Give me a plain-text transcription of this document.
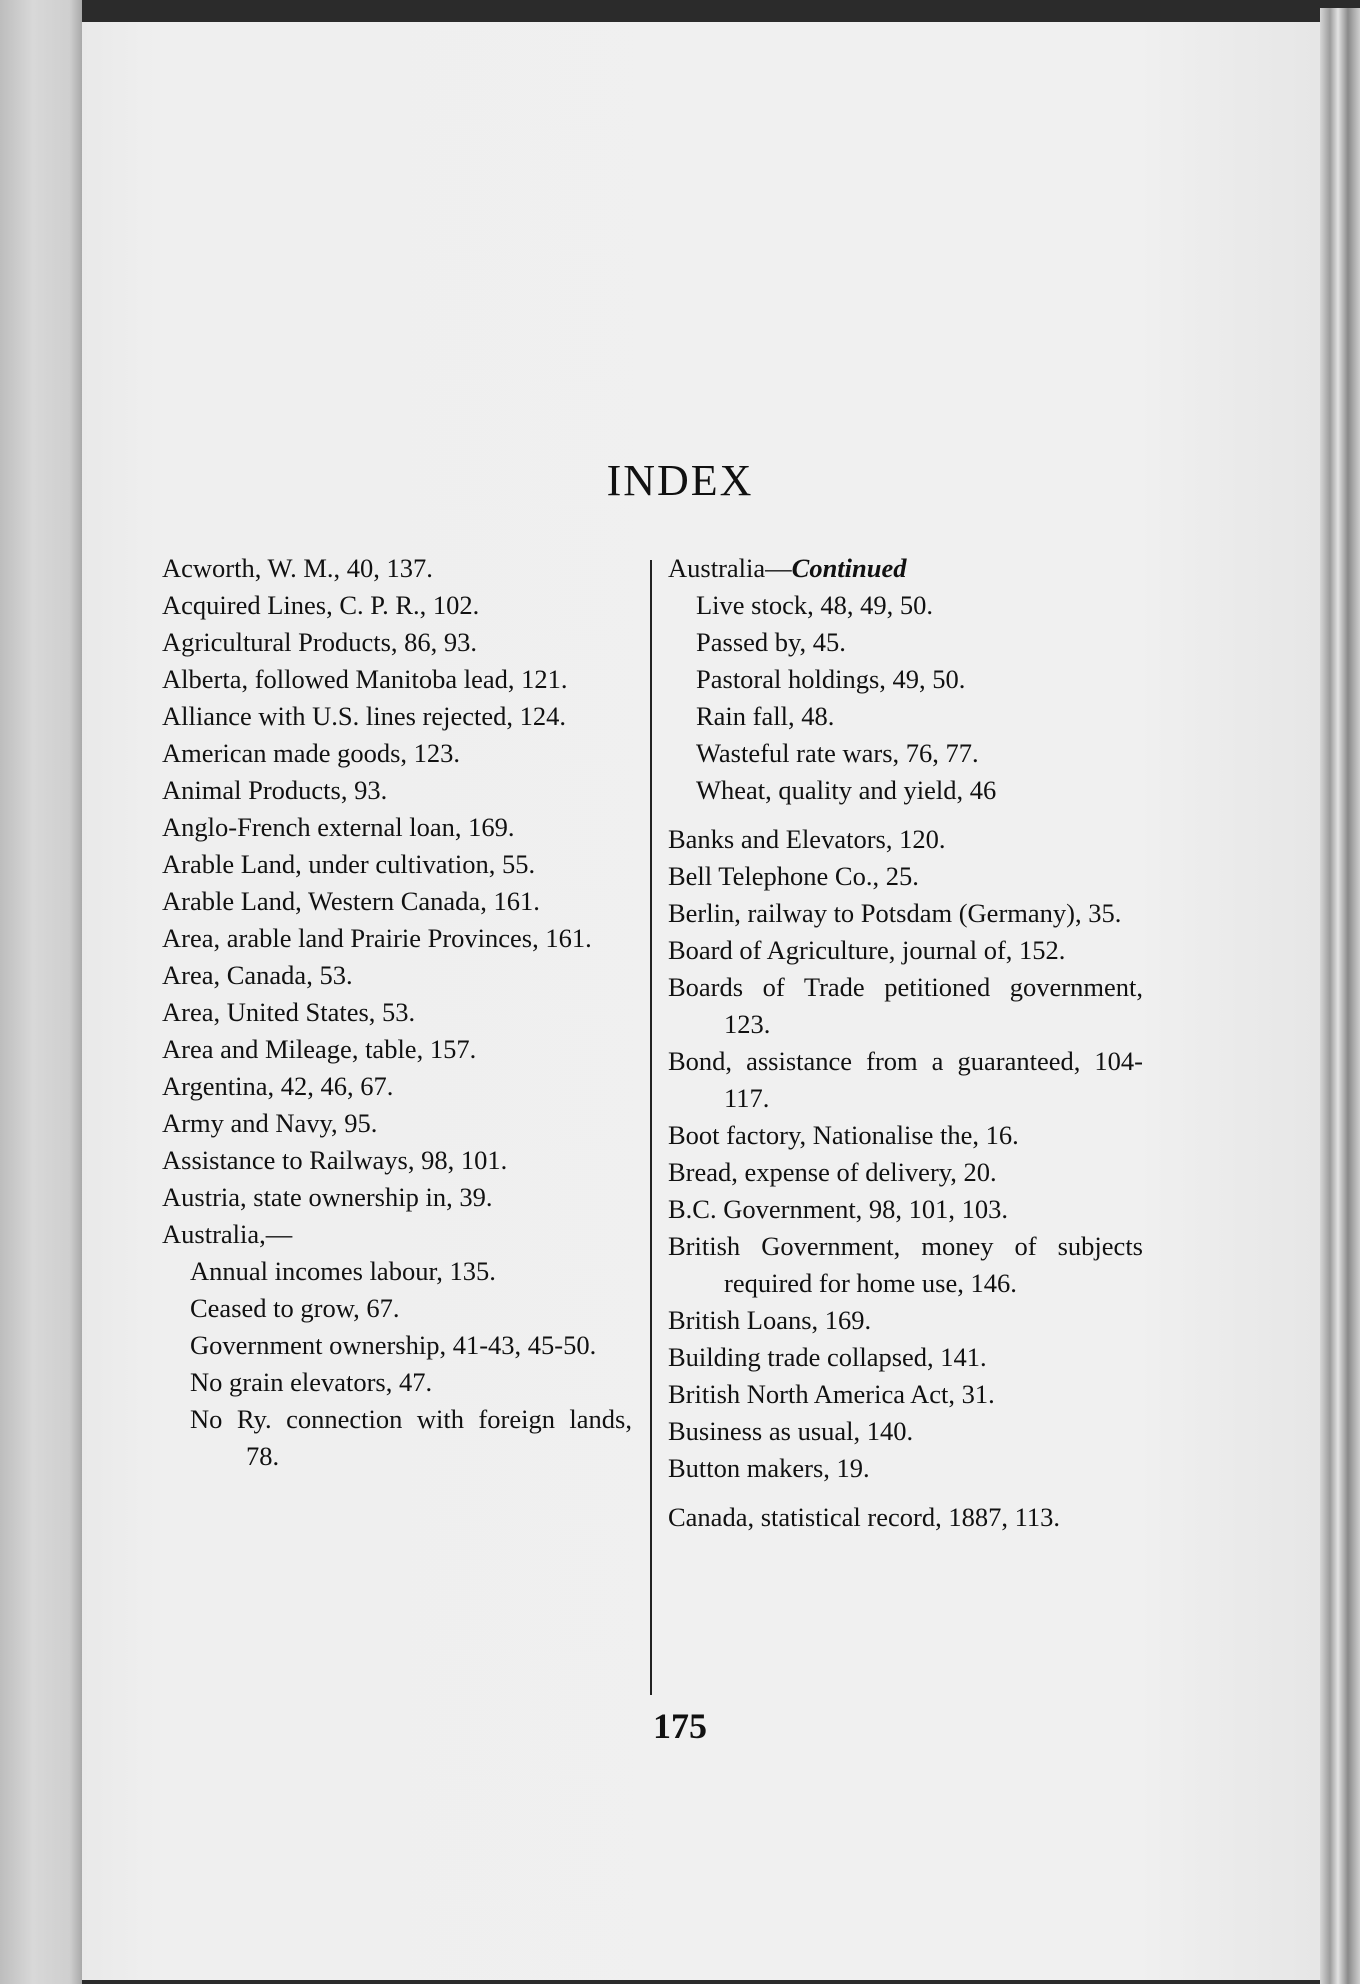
INDEX
Acworth, W. M., 40, 137.
Acquired Lines, C. P. R., 102.
Agricultural Products, 86, 93.
Alberta, followed Manitoba lead, 121.
Alliance with U.S. lines rejected, 124.
American made goods, 123.
Animal Products, 93.
Anglo-French external loan, 169.
Arable Land, under cultivation, 55.
Arable Land, Western Canada, 161.
Area, arable land Prairie Provinces, 161.
Area, Canada, 53.
Area, United States, 53.
Area and Mileage, table, 157.
Argentina, 42, 46, 67.
Army and Navy, 95.
Assistance to Railways, 98, 101.
Austria, state ownership in, 39.
Australia,—
Annual incomes labour, 135.
Ceased to grow, 67.
Government ownership, 41-43, 45-50.
No grain elevators, 47.
No Ry. connection with foreign lands, 78.
Australia—Continued
Live stock, 48, 49, 50.
Passed by, 45.
Pastoral holdings, 49, 50.
Rain fall, 48.
Wasteful rate wars, 76, 77.
Wheat, quality and yield, 46
Banks and Elevators, 120.
Bell Telephone Co., 25.
Berlin, railway to Potsdam (Germany), 35.
Board of Agriculture, journal of, 152.
Boards of Trade petitioned government, 123.
Bond, assistance from a guaranteed, 104-117.
Boot factory, Nationalise the, 16.
Bread, expense of delivery, 20.
B.C. Government, 98, 101, 103.
British Government, money of subjects required for home use, 146.
British Loans, 169.
Building trade collapsed, 141.
British North America Act, 31.
Business as usual, 140.
Button makers, 19.
Canada, statistical record, 1887, 113.
175
